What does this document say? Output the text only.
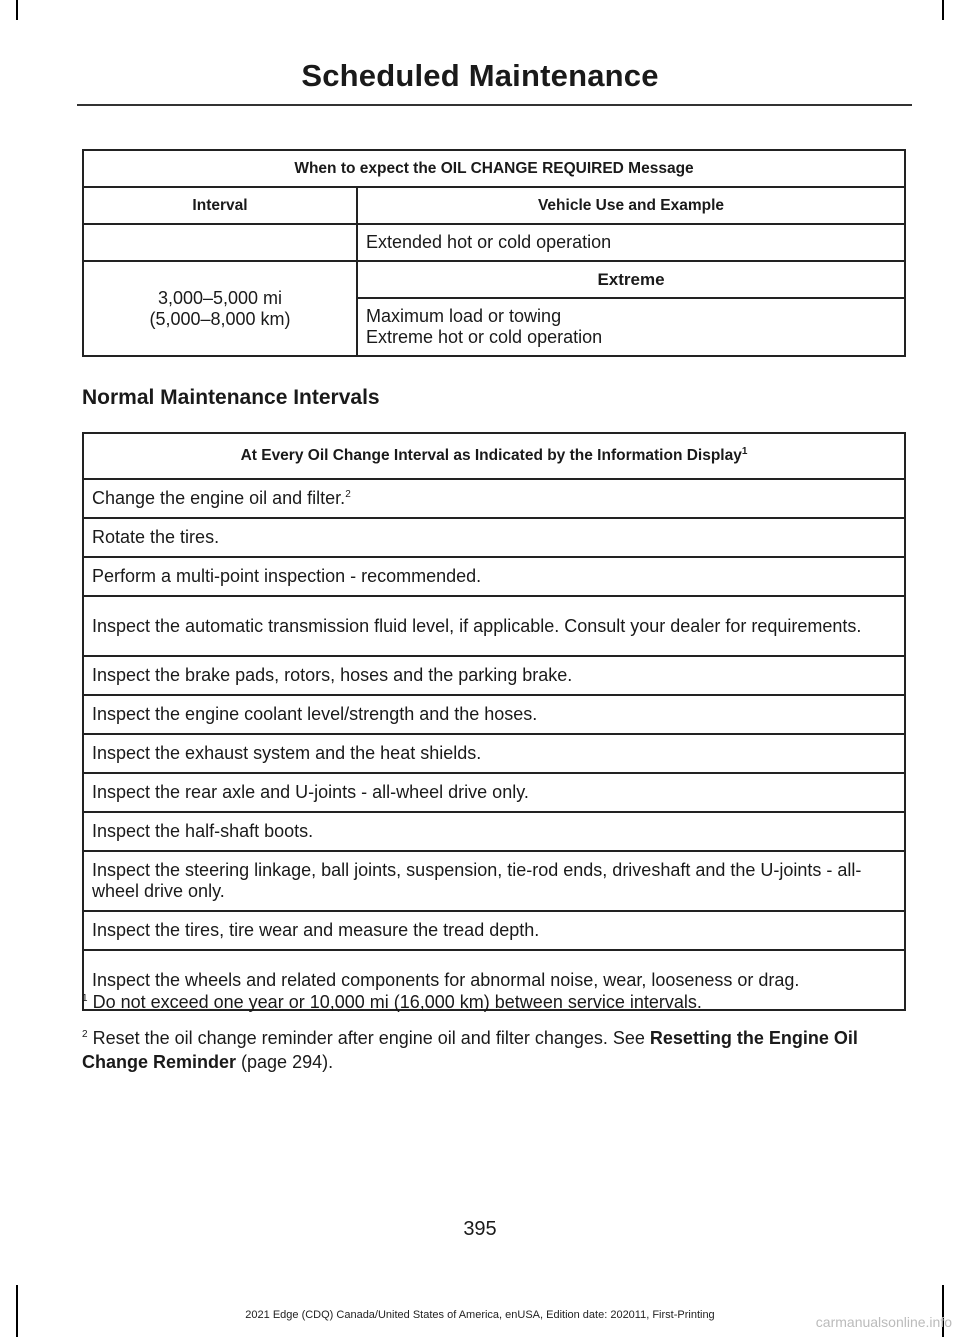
Scheduled Maintenance
When to expect the OIL CHANGE REQUIRED Message	
Interval	Vehicle Use and Example
	Extended hot or cold operation

3,000–5,000 mi
(5,000–8,000 km)	Extreme

	Maximum load or towing
Extreme hot or cold operation
Normal Maintenance Intervals
At Every Oil Change Interval as Indicated by the Information Display$^1$
Change the engine oil and filter.$^2$
Rotate the tires.
Perform a multi-point inspection - recommended.
Inspect the automatic transmission fluid level, if applicable. Consult your dealer for requirements.
Inspect the brake pads, rotors, hoses and the parking brake.
Inspect the engine coolant level/strength and the hoses.
Inspect the exhaust system and the heat shields.
Inspect the rear axle and U-joints - all-wheel drive only.
Inspect the half-shaft boots.
Inspect the steering linkage, ball joints, suspension, tie-rod ends, driveshaft and the U-joints - all-wheel drive only.
Inspect the tires, tire wear and measure the tread depth.
Inspect the wheels and related components for abnormal noise, wear, looseness or drag.
$^1$ Do not exceed one year or 10,000 mi (16,000 km) between service intervals.
$^2$ Reset the oil change reminder after engine oil and filter changes. See Resetting the Engine Oil Change Reminder (page 294).
395
2021 Edge (CDQ) Canada/United States of America, enUSA, Edition date: 202011, First-Printing	carmanualsonline.info
